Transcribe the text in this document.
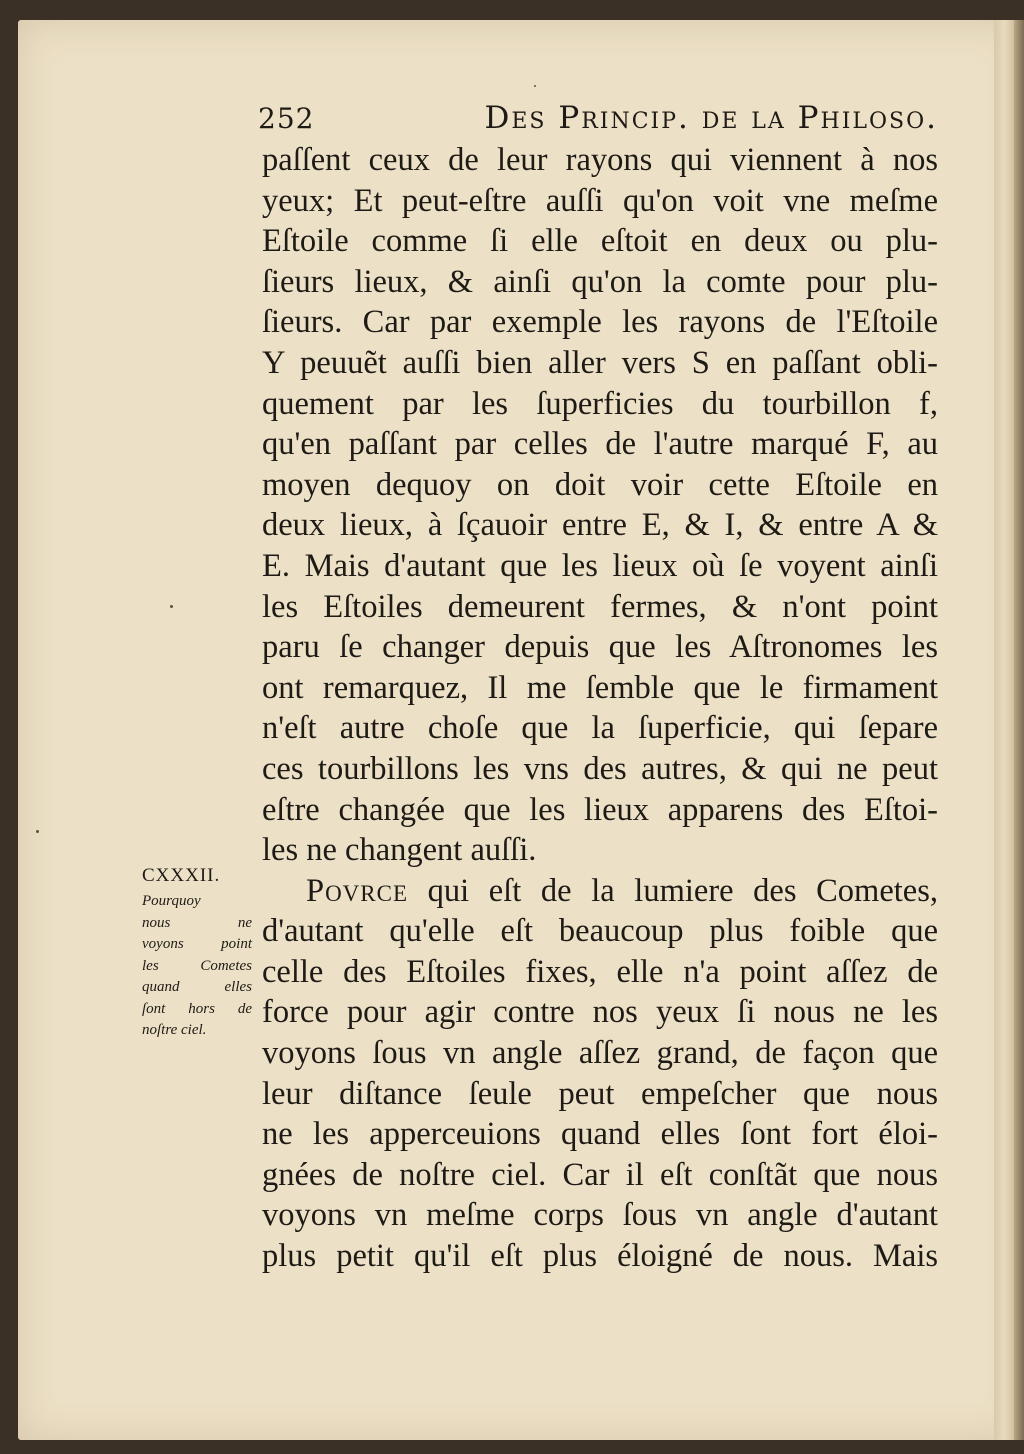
252	Des Princip. de la Philoso.
paſſent ceux de leur rayons qui viennent à nos
yeux; Et peut-eſtre auſſi qu'on voit vne meſme
Eſtoile comme ſi elle eſtoit en deux ou plu-
ſieurs lieux, & ainſi qu'on la comte pour plu-
ſieurs. Car par exemple les rayons de l'Eſtoile
Y peuuẽt auſſi bien aller vers S en paſſant obli-
quement par les ſuperficies du tourbillon f,
qu'en paſſant par celles de l'autre marqué F, au
moyen dequoy on doit voir cette Eſtoile en
deux lieux, à ſçauoir entre E, & I, & entre A &
E. Mais d'autant que les lieux où ſe voyent ainſi
les Eſtoiles demeurent fermes, & n'ont point
paru ſe changer depuis que les Aſtronomes les
ont remarquez, Il me ſemble que le firmament
n'eſt autre choſe que la ſuperficie, qui ſepare
ces tourbillons les vns des autres, & qui ne peut
eſtre changée que les lieux apparens des Eſtoi-
les ne changent auſſi.
Povrce qui eſt de la lumiere des Cometes,
d'autant qu'elle eſt beaucoup plus foible que
celle des Eſtoiles fixes, elle n'a point aſſez de
force pour agir contre nos yeux ſi nous ne les
voyons ſous vn angle aſſez grand, de façon que
leur diſtance ſeule peut empeſcher que nous
ne les apperceuions quand elles ſont fort éloi-
gnées de noſtre ciel. Car il eſt conſtãt que nous
voyons vn meſme corps ſous vn angle d'autant
plus petit qu'il eſt plus éloigné de nous. Mais
CXXXII.
Pourquoy
nous ne
voyons point
les Cometes
quand elles
ſont hors de
noſtre ciel.
